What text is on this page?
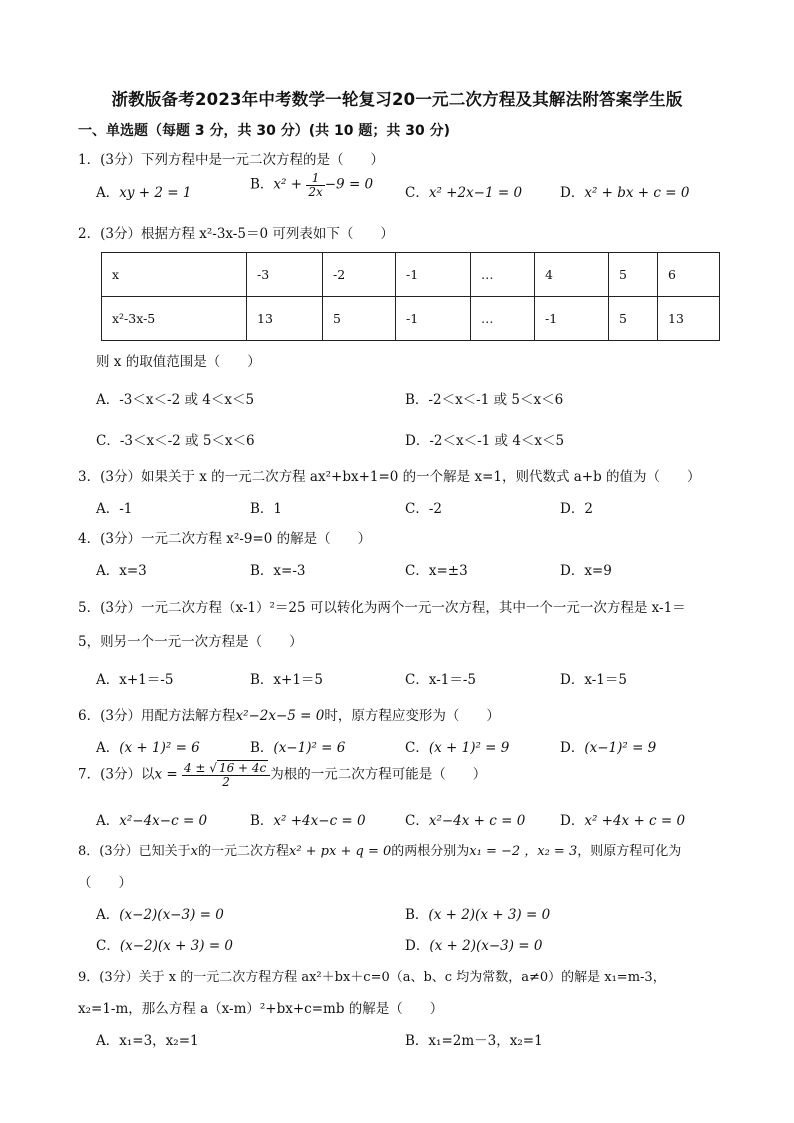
浙教版备考2023年中考数学一轮复习20一元二次方程及其解法附答案学生版
一、单选题（每题 3 分，共 30 分）(共 10 题；共 30 分)
1．(3分）下列方程中是一元二次方程的是（　　）
A．xy + 2 = 1
B．$x^2 + \frac{1}{2x} -9 = 0$
C．x² +2x−1 = 0	D．x² + bx + c = 0
2．(3分）根据方程 x²-3x-5＝0 可列表如下（　　）
x	-3	-2	-1	…	4	5	6
x²-3x-5	13	5	-1	…	-1	5	13
则 x 的取值范围是（　　）
A．-3＜x＜-2 或 4＜x＜5	B．-2＜x＜-1 或 5＜x＜6
C．-3＜x＜-2 或 5＜x＜6	D．-2＜x＜-1 或 4＜x＜5
3．(3分）如果关于 x 的一元二次方程 ax²+bx+1=0 的一个解是 x=1，则代数式 a+b 的值为（　　）
A．-1	B．1	C．-2	D．2
4．(3分）一元二次方程 x²-9=0 的解是（　　）
A．x=3	B．x=-3	C．x=±3	D．x=9
5．(3分）一元二次方程（x-1）²＝25 可以转化为两个一元一次方程，其中一个一元一次方程是 x-1＝
5，则另一个一元一次方程是（　　）
A．x+1＝-5	B．x+1＝5	C．x-1＝-5	D．x-1＝5
6．(3分）用配方法解方程x²−2x−5 = 0时，原方程应变形为（　　）
A．(x + 1)² = 6	B．(x−1)² = 6	C．(x + 1)² = 9	D．(x−1)² = 9
7．(3分）以$x = \frac{4 \pm √ 16 + 4c}{2}$ 为根的一元二次方程可能是（　　）
A．x²−4x−c = 0	B．x² +4x−c = 0	C．x²−4x + c = 0	D．x² +4x + c = 0
8．(3分）已知关于x的一元二次方程x² + px + q = 0的两根分别为x₁ = −2 ，x₂ = 3，则原方程可化为
（　　）
A．(x−2)(x−3) = 0	B．(x + 2)(x + 3) = 0
C．(x−2)(x + 3) = 0	D．(x + 2)(x−3) = 0
9．(3分）关于 x 的一元二次方程方程 ax²＋bx＋c=0（a、b、c 均为常数，a≠0）的解是 x₁=m-3，
x₂=1-m，那么方程 a（x-m）²+bx+c=mb 的解是（　　）
A．x₁=3，x₂=1	B．x₁=2m－3，x₂=1
